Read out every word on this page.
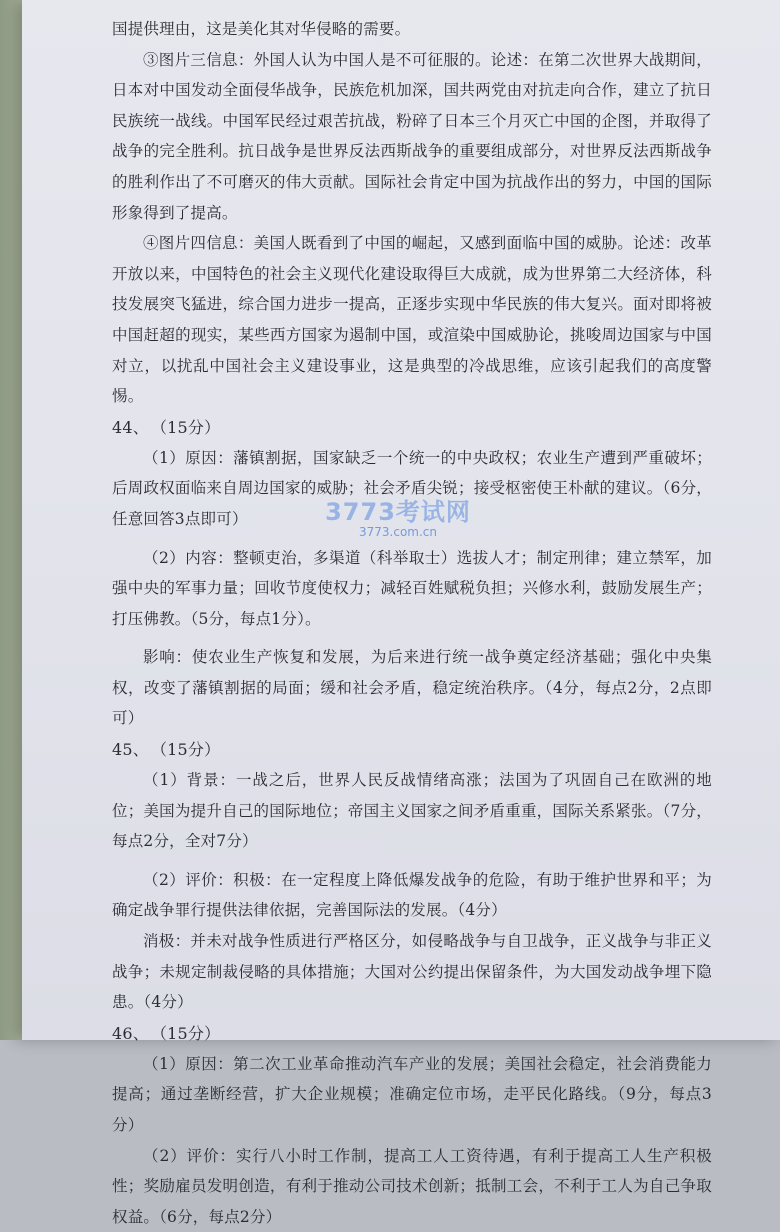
国提供理由，这是美化其对华侵略的需要。

③图片三信息：外国人认为中国人是不可征服的。论述：在第二次世界大战期间，日本对中国发动全面侵华战争，民族危机加深，国共两党由对抗走向合作，建立了抗日民族统一战线。中国军民经过艰苦抗战，粉碎了日本三个月灭亡中国的企图，并取得了战争的完全胜利。抗日战争是世界反法西斯战争的重要组成部分，对世界反法西斯战争的胜利作出了不可磨灭的伟大贡献。国际社会肯定中国为抗战作出的努力，中国的国际形象得到了提高。

④图片四信息：美国人既看到了中国的崛起，又感到面临中国的威胁。论述：改革开放以来，中国特色的社会主义现代化建设取得巨大成就，成为世界第二大经济体，科技发展突飞猛进，综合国力进步一提高，正逐步实现中华民族的伟大复兴。面对即将被中国赶超的现实，某些西方国家为遏制中国，或渲染中国威胁论，挑唆周边国家与中国对立，以扰乱中国社会主义建设事业，这是典型的冷战思维，应该引起我们的高度警惕。

44、 （15分）

（1）原因：藩镇割据，国家缺乏一个统一的中央政权；农业生产遭到严重破坏；后周政权面临来自周边国家的威胁；社会矛盾尖锐；接受枢密使王朴献的建议。（6分，任意回答3点即可）

（2）内容：整顿吏治，多渠道（科举取士）选拔人才；制定刑律；建立禁军，加强中央的军事力量；回收节度使权力；减轻百姓赋税负担；兴修水利，鼓励发展生产；打压佛教。（5分，每点1分）。

影响：使农业生产恢复和发展，为后来进行统一战争奠定经济基础；强化中央集权，改变了藩镇割据的局面；缓和社会矛盾，稳定统治秩序。（4分，每点2分，2点即可）

45、 （15分）

（1）背景：一战之后，世界人民反战情绪高涨；法国为了巩固自己在欧洲的地位；美国为提升自己的国际地位；帝国主义国家之间矛盾重重，国际关系紧张。（7分，每点2分，全对7分）

（2）评价：积极：在一定程度上降低爆发战争的危险，有助于维护世界和平；为确定战争罪行提供法律依据，完善国际法的发展。（4分）

消极：并未对战争性质进行严格区分，如侵略战争与自卫战争，正义战争与非正义战争；未规定制裁侵略的具体措施；大国对公约提出保留条件，为大国发动战争埋下隐患。（4分）

46、 （15分）

（1）原因：第二次工业革命推动汽车产业的发展；美国社会稳定，社会消费能力提高；通过垄断经营，扩大企业规模；准确定位市场，走平民化路线。（9分，每点3分）

（2）评价：实行八小时工作制，提高工人工资待遇，有利于提高工人生产积极性；奖励雇员发明创造，有利于推动公司技术创新；抵制工会，不利于工人为自己争取权益。（6分，每点2分）

3773考试网
3773.com.cn
